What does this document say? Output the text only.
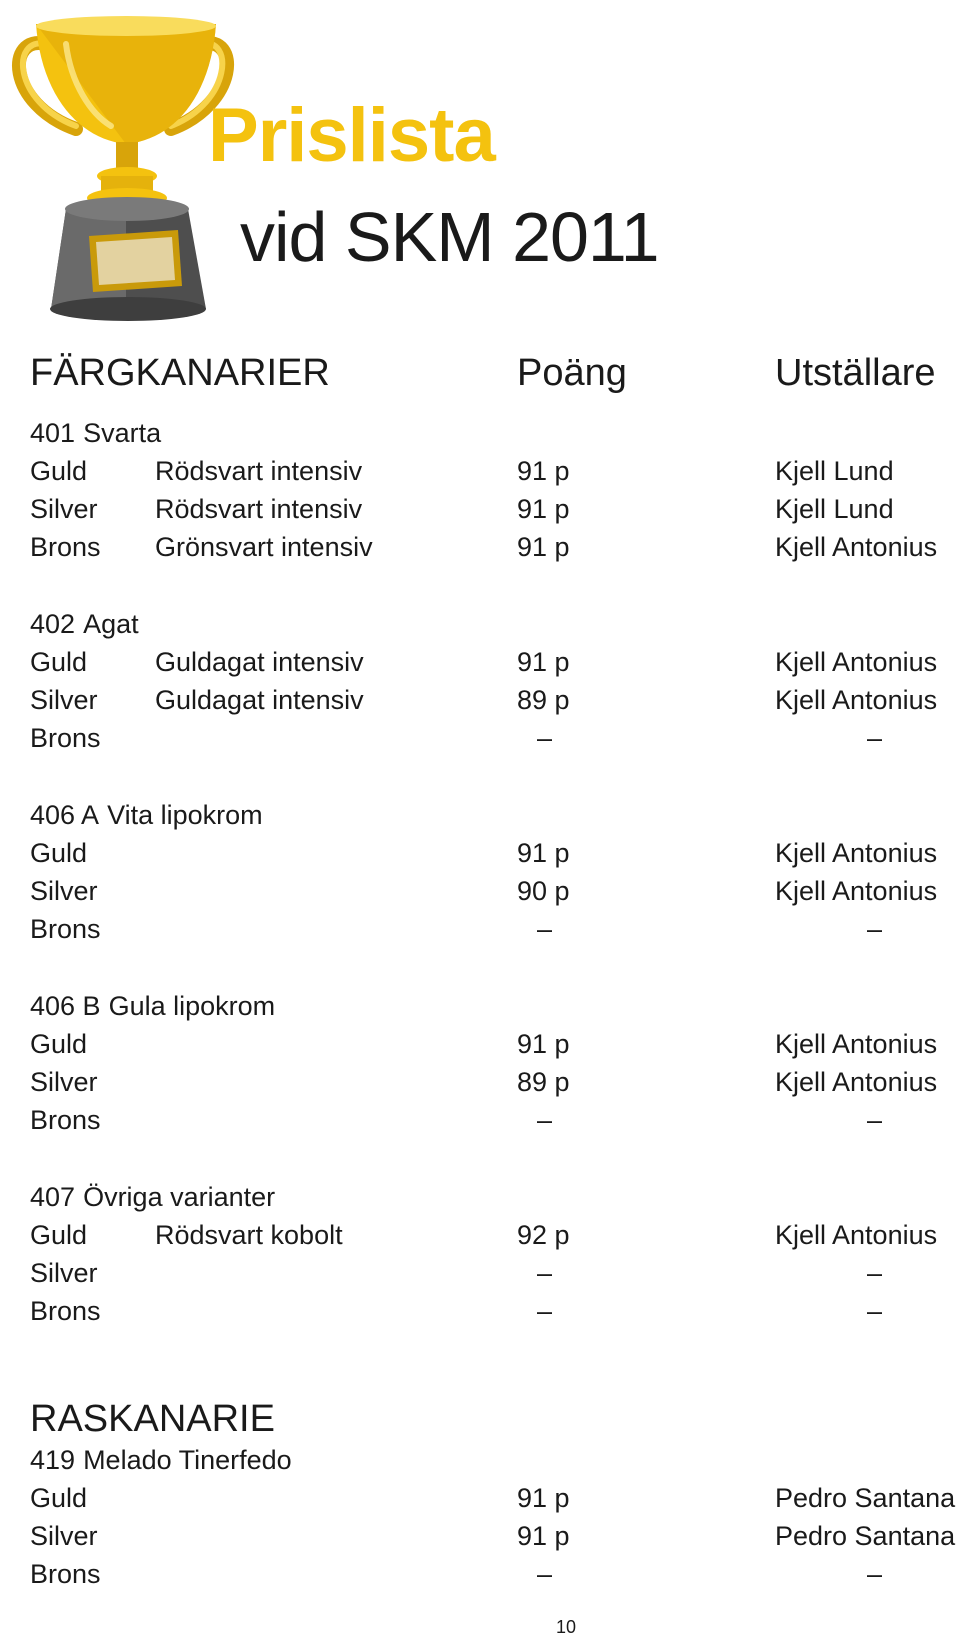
Prislista
vid SKM 2011
FÄRGKANARIER	Poäng	Utställare
401 Svarta
Guld	Rödsvart intensiv	91 p	Kjell Lund
Silver Rödsvart intensiv	91 p	Kjell Lund
Brons Grönsvart intensiv	91 p	Kjell Antonius
402 Agat
Guld	Guldagat intensiv	91 p	Kjell Antonius
Silver Guldagat intensiv	89 p	Kjell Antonius
Brons	–	–
406 A Vita lipokrom
Guld	91 p	Kjell Antonius
Silver	90 p	Kjell Antonius
Brons	–	–
406 B Gula lipokrom
Guld	91 p	Kjell Antonius
Silver	89 p	Kjell Antonius
Brons	–	–
407 Övriga varianter
Guld	Rödsvart kobolt	92 p	Kjell Antonius
Silver	–	–
Brons	–	–
RASKANARIE
419 Melado Tinerfedo
Guld	91 p	Pedro Santana
Silver	91 p	Pedro Santana
Brons	–	–
10
